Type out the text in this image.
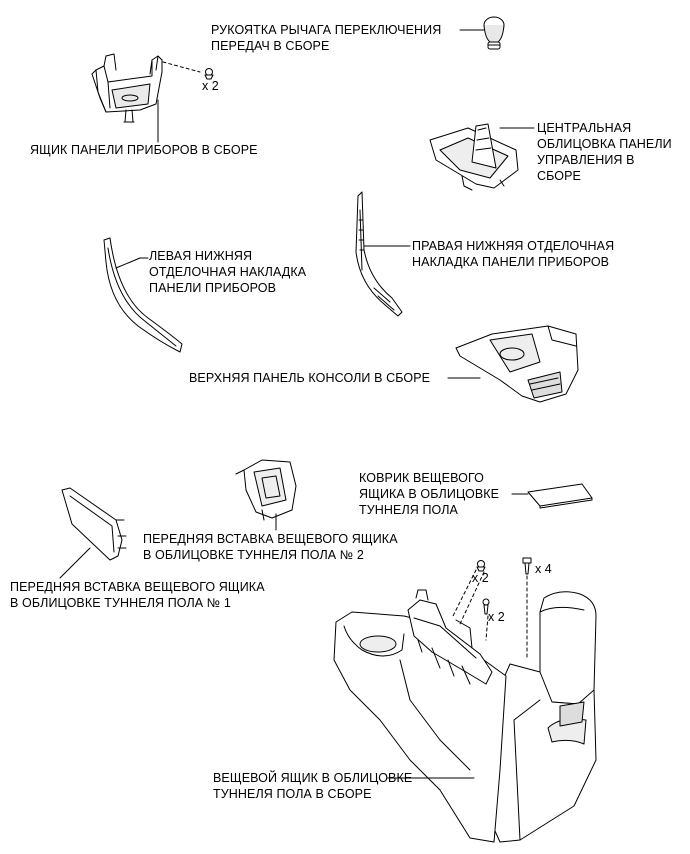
РУКОЯТКА РЫЧАГА ПЕРЕКЛЮЧЕНИЯ
ПЕРЕДАЧ В СБОРЕ
ЯЩИК ПАНЕЛИ ПРИБОРОВ В СБОРЕ
ЦЕНТРАЛЬНАЯ
ОБЛИЦОВКА ПАНЕЛИ
УПРАВЛЕНИЯ В
СБОРЕ
ЛЕВАЯ НИЖНЯЯ
ОТДЕЛОЧНАЯ НАКЛАДКА
ПАНЕЛИ ПРИБОРОВ
ПРАВАЯ НИЖНЯЯ ОТДЕЛОЧНАЯ
НАКЛАДКА ПАНЕЛИ ПРИБОРОВ
ВЕРХНЯЯ ПАНЕЛЬ КОНСОЛИ В СБОРЕ
КОВРИК ВЕЩЕВОГО
ЯЩИКА В ОБЛИЦОВКЕ
ТУННЕЛЯ ПОЛА
ПЕРЕДНЯЯ ВСТАВКА ВЕЩЕВОГО ЯЩИКА
В ОБЛИЦОВКЕ ТУННЕЛЯ ПОЛА № 2
ПЕРЕДНЯЯ ВСТАВКА ВЕЩЕВОГО ЯЩИКА
В ОБЛИЦОВКЕ ТУННЕЛЯ ПОЛА № 1
ВЕЩЕВОЙ ЯЩИК В ОБЛИЦОВКЕ
ТУННЕЛЯ ПОЛА В СБОРЕ
x 2
x 2
x 2
x 4
